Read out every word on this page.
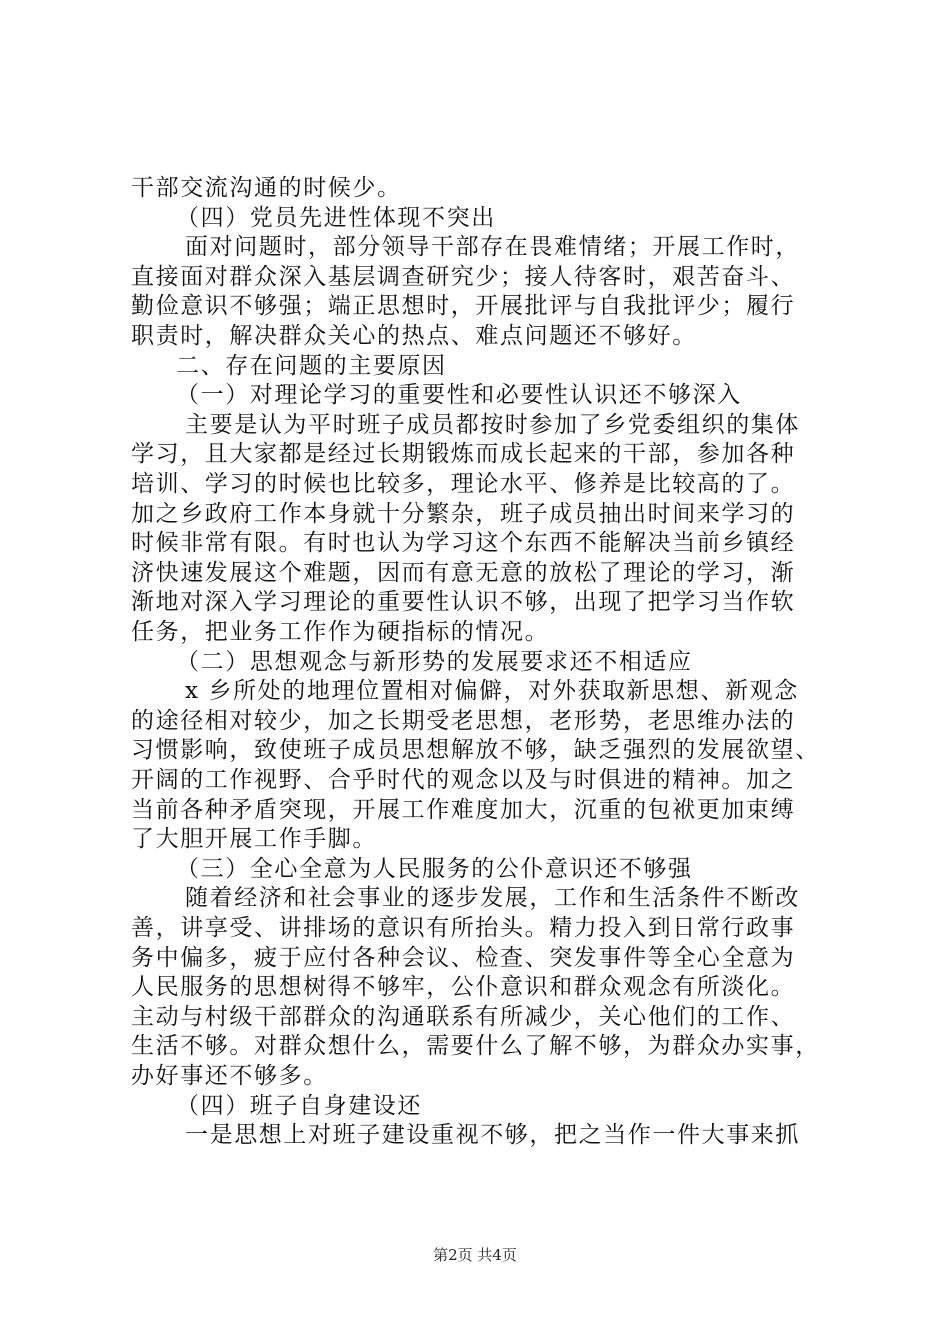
干部交流沟通的时候少。
（四）党员先进性体现不突出
面对问题时，部分领导干部存在畏难情绪；开展工作时，
直接面对群众深入基层调查研究少；接人待客时，艰苦奋斗、
勤俭意识不够强；端正思想时，开展批评与自我批评少；履行
职责时，解决群众关心的热点、难点问题还不够好。
二、存在问题的主要原因
（一）对理论学习的重要性和必要性认识还不够深入
主要是认为平时班子成员都按时参加了乡党委组织的集体
学习，且大家都是经过长期锻炼而成长起来的干部，参加各种
培训、学习的时候也比较多，理论水平、修养是比较高的了。
加之乡政府工作本身就十分繁杂，班子成员抽出时间来学习的
时候非常有限。有时也认为学习这个东西不能解决当前乡镇经
济快速发展这个难题，因而有意无意的放松了理论的学习，渐
渐地对深入学习理论的重要性认识不够，出现了把学习当作软
任务，把业务工作作为硬指标的情况。
（二）思想观念与新形势的发展要求还不相适应
x 乡所处的地理位置相对偏僻，对外获取新思想、新观念
的途径相对较少，加之长期受老思想，老形势，老思维办法的
习惯影响，致使班子成员思想解放不够，缺乏强烈的发展欲望、
开阔的工作视野、合乎时代的观念以及与时俱进的精神。加之
当前各种矛盾突现，开展工作难度加大，沉重的包袱更加束缚
了大胆开展工作手脚。
（三）全心全意为人民服务的公仆意识还不够强
随着经济和社会事业的逐步发展，工作和生活条件不断改
善，讲享受、讲排场的意识有所抬头。精力投入到日常行政事
务中偏多，疲于应付各种会议、检查、突发事件等全心全意为
人民服务的思想树得不够牢，公仆意识和群众观念有所淡化。
主动与村级干部群众的沟通联系有所减少，关心他们的工作、
生活不够。对群众想什么，需要什么了解不够，为群众办实事，
办好事还不够多。
（四）班子自身建设还
一是思想上对班子建设重视不够，把之当作一件大事来抓
第2页 共4页
